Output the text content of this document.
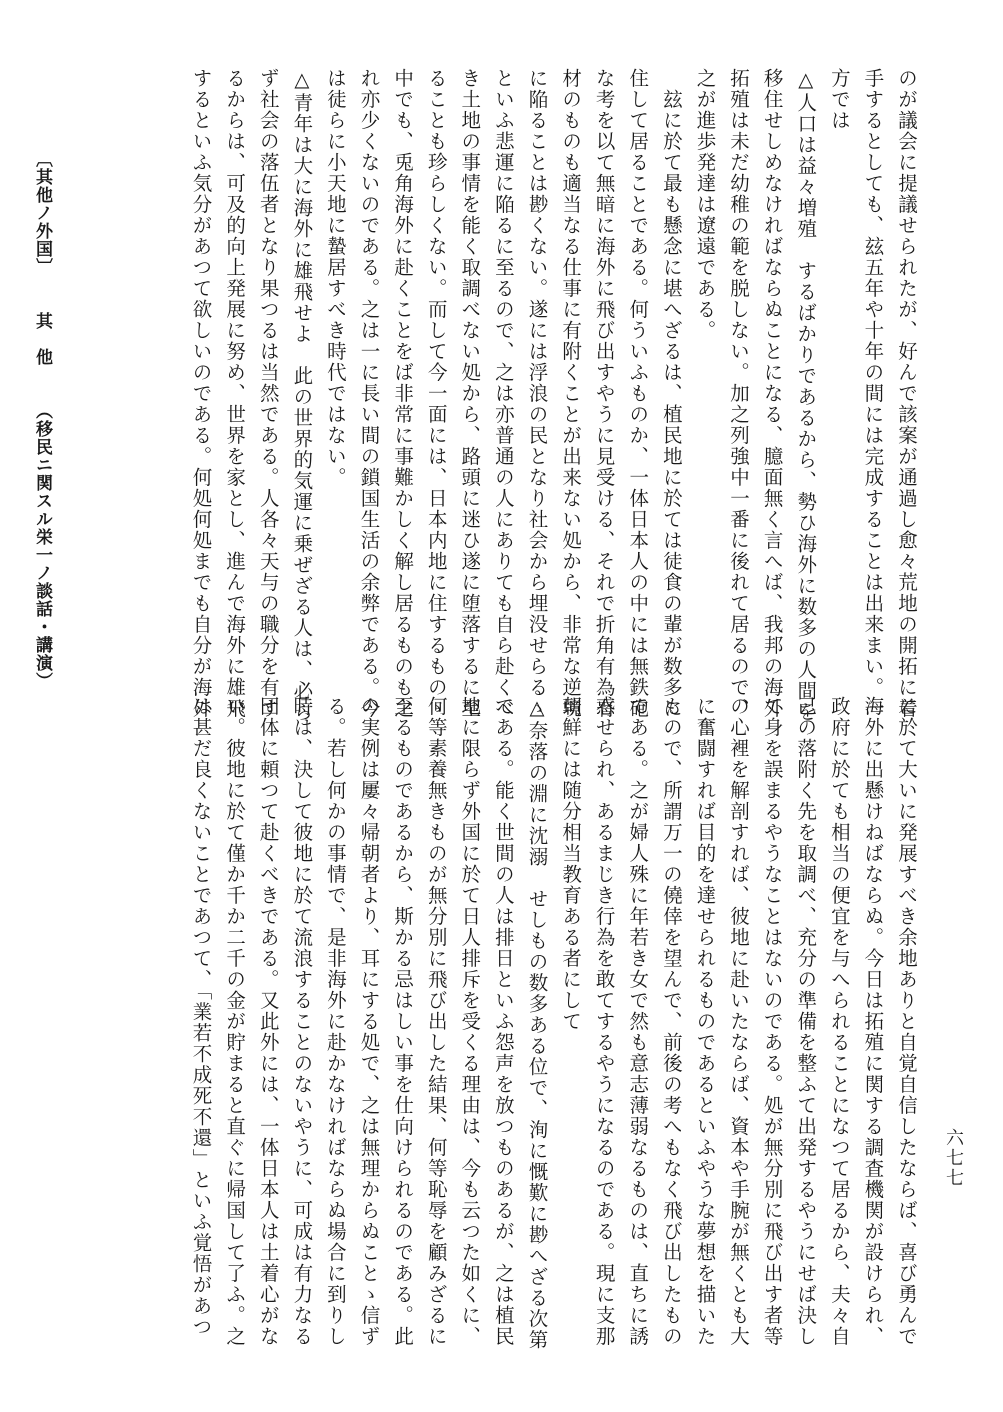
のが議会に提議せられたが、好んで該案が通過し愈々荒地の開拓に着
手するとしても、玆五年や十年の間には完成することは出来まい。一
方では
△人口は益々増殖　するばかりであるから、勢ひ海外に数多の人間を
移住せしめなければならぬことになる、臆面無く言へば、我邦の海外
拓殖は未だ幼稚の範を脱しない。加之列強中一番に後れて居るので、
之が進歩発達は遼遠である。
　玆に於て最も懸念に堪へざるは、植民地に於ては徒食の輩が数多に
住して居ることである。何ういふものか、一体日本人の中には無鉄砲
な考を以て無暗に海外に飛び出すやうに見受ける、それで折角有為有
材のものも適当なる仕事に有附くことが出来ない処から、非常な逆境
に陥ることは尠くない。遂には浮浪の民となり社会から埋没せらるゝ
といふ悲運に陥るに至るので、之は亦普通の人にありても自ら赴くべ
き土地の事情を能く取調べない処から、路頭に迷ひ遂に堕落するに至
ることも珍らしくない。而して今一面には、日本内地に住するものゝ
中でも、兎角海外に赴くことをば非常に事難かしく解し居るものも之
れ亦少くないのである。之は一に長い間の鎖国生活の余弊である。今
は徒らに小天地に蟄居すべき時代ではない。
△青年は大に海外に雄飛せよ　此の世界的気運に乗ぜざる人は、必ら
ず社会の落伍者となり果つるは当然である。人各々天与の職分を有す
るからは、可及的向上発展に努め、世界を家とし、進んで海外に雄飛
するといふ気分があつて欲しいのである。何処何処までも自分が海外
に於て大いに発展すべき余地ありと自覚自信したならば、喜び勇んで
海外に出懸けねばならぬ。今日は拓殖に関する調査機関が設けられ、
政府に於ても相当の便宜を与へられることになつて居るから、夫々自
己の落附く先を取調べ、充分の準備を整ふて出発するやうにせば決し
て身を誤まるやうなことはないのである。処が無分別に飛び出す者等
の心裡を解剖すれば、彼地に赴いたならば、資本や手腕が無くとも大
に奮闘すれば目的を達せられるものであるといふやうな夢想を描いた
もので、所謂万一の僥倖を望んで、前後の考へもなく飛び出したもの
である。之が婦人殊に年若き女で然も意志薄弱なるものは、直ちに誘
惑せられ、あるまじき行為を敢てするやうになるのである。現に支那
朝鮮には随分相当教育ある者にして
△奈落の淵に沈溺　せしもの数多ある位で、洵に慨歎に尠へざる次第
である。能く世間の人は排日といふ怨声を放つものあるが、之は植民
地に限らず外国に於て日人排斥を受くる理由は、今も云つた如くに、
何等素養無きものが無分別に飛び出した結果、何等恥辱を顧みざるに
至るものであるから、斯かる忌はしい事を仕向けられるのである。此
の実例は屢々帰朝者より、耳にする処で、之は無理からぬことゝ信ず
る。若し何かの事情で、是非海外に赴かなければならぬ場合に到りし
時は、決して彼地に於て流浪することのないやうに、可成は有力なる
団体に頼つて赴くべきである。又此外には、一体日本人は土着心がな
い。彼地に於て僅か千か二千の金が貯まると直ぐに帰国して了ふ。之
は甚だ良くないことであつて、「業若不成死不還」といふ覚悟があつ
〔其他ノ外国〕其　他（移民ニ関スル栄一ノ談話・講演）
六七七
